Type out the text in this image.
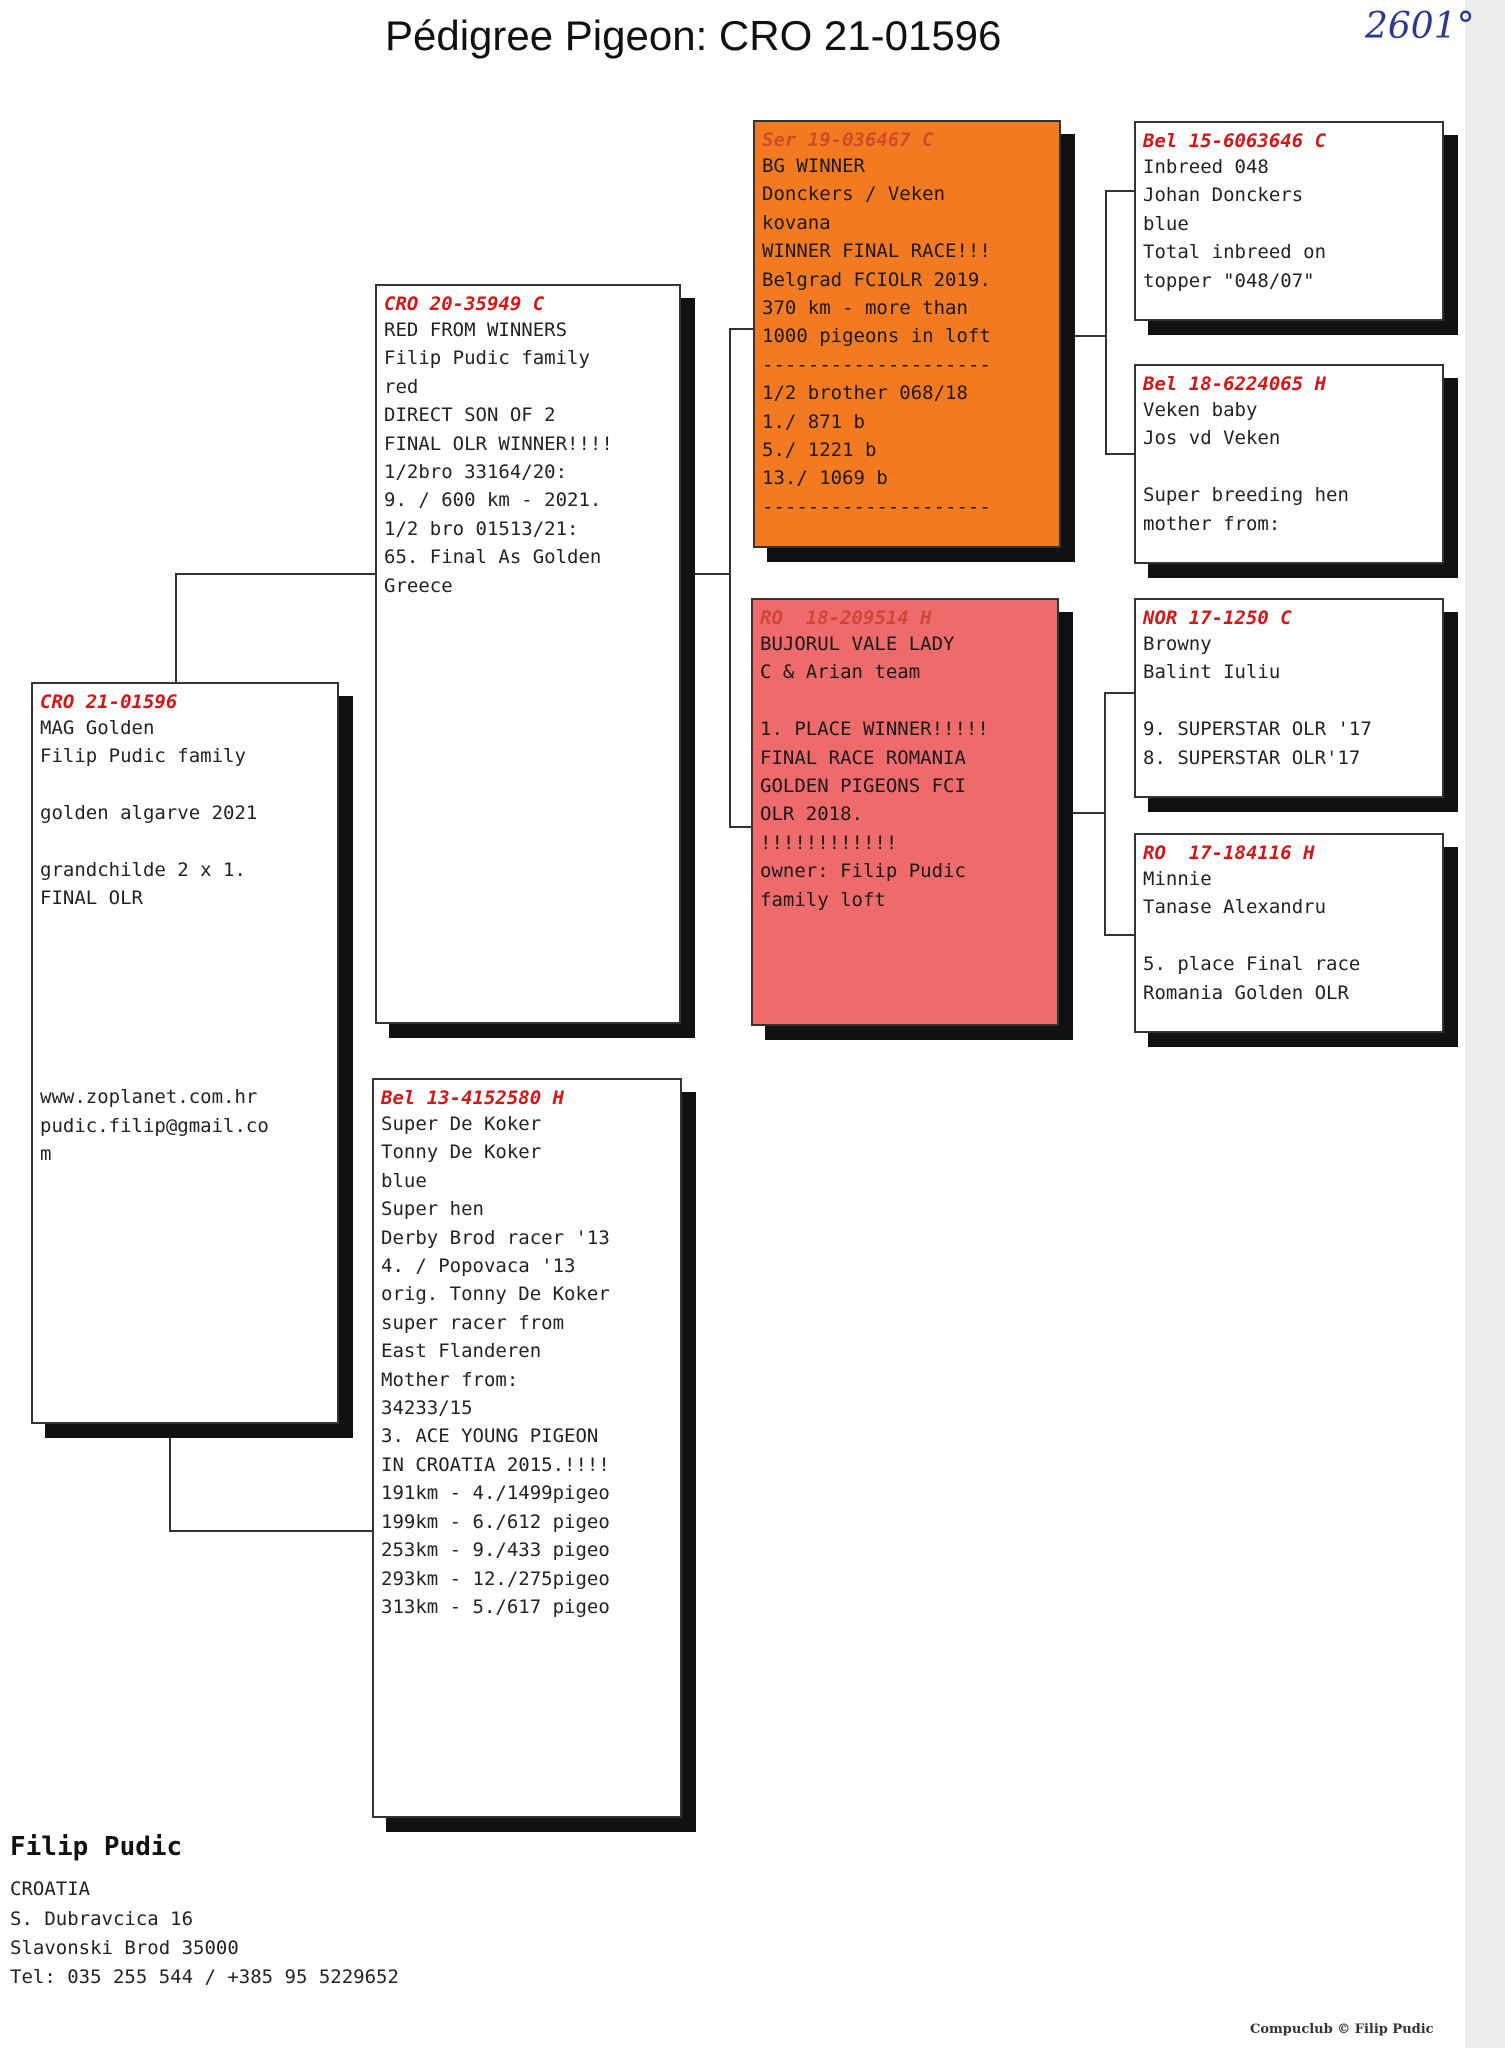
Pédigree Pigeon: CRO 21-01596	2601°
CRO 21-01596
MAG Golden
Filip Pudic family
golden algarve 2021
grandchilde 2 x 1.
FINAL OLR
www.zoplanet.com.hr
pudic.filip@gmail.co
m
CRO 20-35949 C
RED FROM WINNERS
Filip Pudic family
red
DIRECT SON OF 2
FINAL OLR WINNER!!!!
1/2bro 33164/20:
9. / 600 km - 2021.
1/2 bro 01513/21:
65. Final As Golden
Greece
Bel 13-4152580 H
Super De Koker
Tonny De Koker
blue
Super hen
Derby Brod racer '13
4. / Popovaca '13
orig. Tonny De Koker
super racer from
East Flanderen
Mother from:
34233/15
3. ACE YOUNG PIGEON
IN CROATIA 2015.!!!!
191km - 4./1499pigeo
199km - 6./612 pigeo
253km - 9./433 pigeo
293km - 12./275pigeo
313km - 5./617 pigeo
Ser 19-036467 C
BG WINNER
Donckers / Veken
kovana
WINNER FINAL RACE!!!
Belgrad FCIOLR 2019.
370 km - more than
1000 pigeons in loft
--------------------
1/2 brother 068/18
1./ 871 b
5./ 1221 b
13./ 1069 b
--------------------
RO  18-209514 H
BUJORUL VALE LADY
C & Arian team
1. PLACE WINNER!!!!!
FINAL RACE ROMANIA
GOLDEN PIGEONS FCI
OLR 2018.
!!!!!!!!!!!!
owner: Filip Pudic
family loft
Bel 15-6063646 C
Inbreed 048
Johan Donckers
blue
Total inbreed on
topper "048/07"
Bel 18-6224065 H
Veken baby
Jos vd Veken
Super breeding hen
mother from:
NOR 17-1250 C
Browny
Balint Iuliu
9. SUPERSTAR OLR '17
8. SUPERSTAR OLR'17
RO  17-184116 H
Minnie
Tanase Alexandru
5. place Final race
Romania Golden OLR
Filip Pudic
CROATIA
S. Dubravcica 16
Slavonski Brod 35000
Tel: 035 255 544 / +385 95 5229652
Compuclub © Filip Pudic
